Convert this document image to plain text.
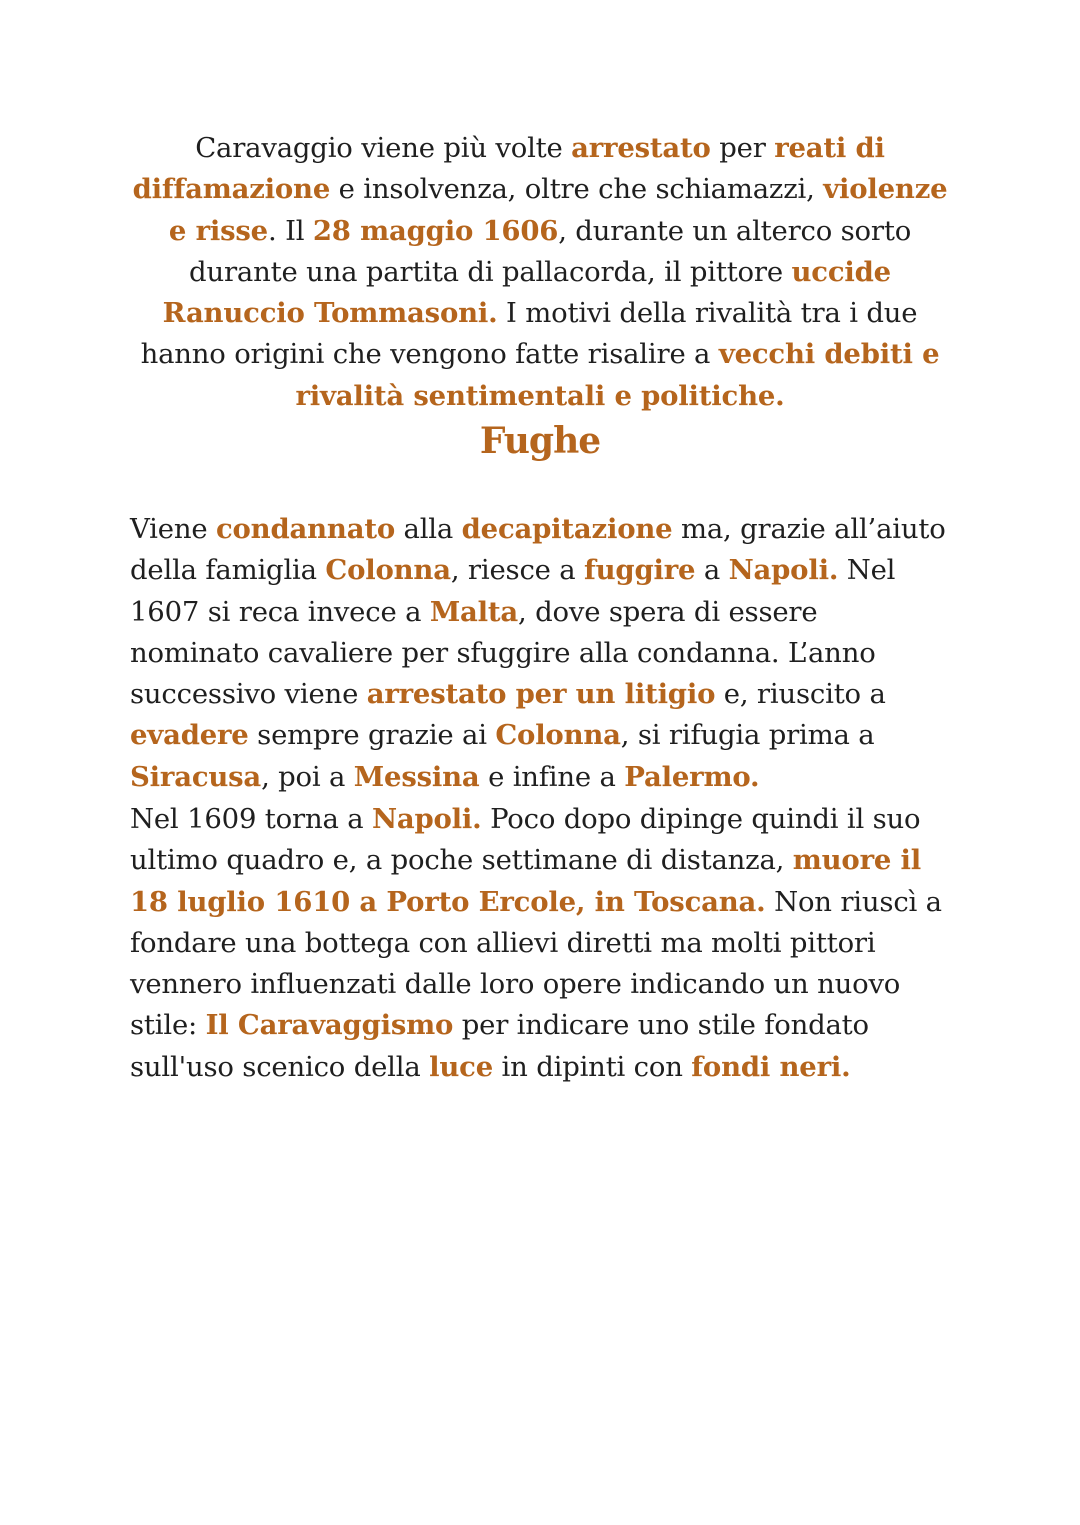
Caravaggio viene più volte arrestato per reati di diffamazione e insolvenza, oltre che schiamazzi, violenze e risse. Il 28 maggio 1606, durante un alterco sorto durante una partita di pallacorda, il pittore uccide Ranuccio Tommasoni. I motivi della rivalità tra i due hanno origini che vengono fatte risalire a vecchi debiti e rivalità sentimentali e politiche.

Fughe

Viene condannato alla decapitazione ma, grazie all’aiuto della famiglia Colonna, riesce a fuggire a Napoli. Nel 1607 si reca invece a Malta, dove spera di essere nominato cavaliere per sfuggire alla condanna. L’anno successivo viene arrestato per un litigio e, riuscito a evadere sempre grazie ai Colonna, si rifugia prima a Siracusa, poi a Messina e infine a Palermo.

Nel 1609 torna a Napoli. Poco dopo dipinge quindi il suo ultimo quadro e, a poche settimane di distanza, muore il 18 luglio 1610 a Porto Ercole, in Toscana. Non riuscì a fondare una bottega con allievi diretti ma molti pittori vennero influenzati dalle loro opere indicando un nuovo stile: Il Caravaggismo per indicare uno stile fondato sull'uso scenico della luce in dipinti con fondi neri.
